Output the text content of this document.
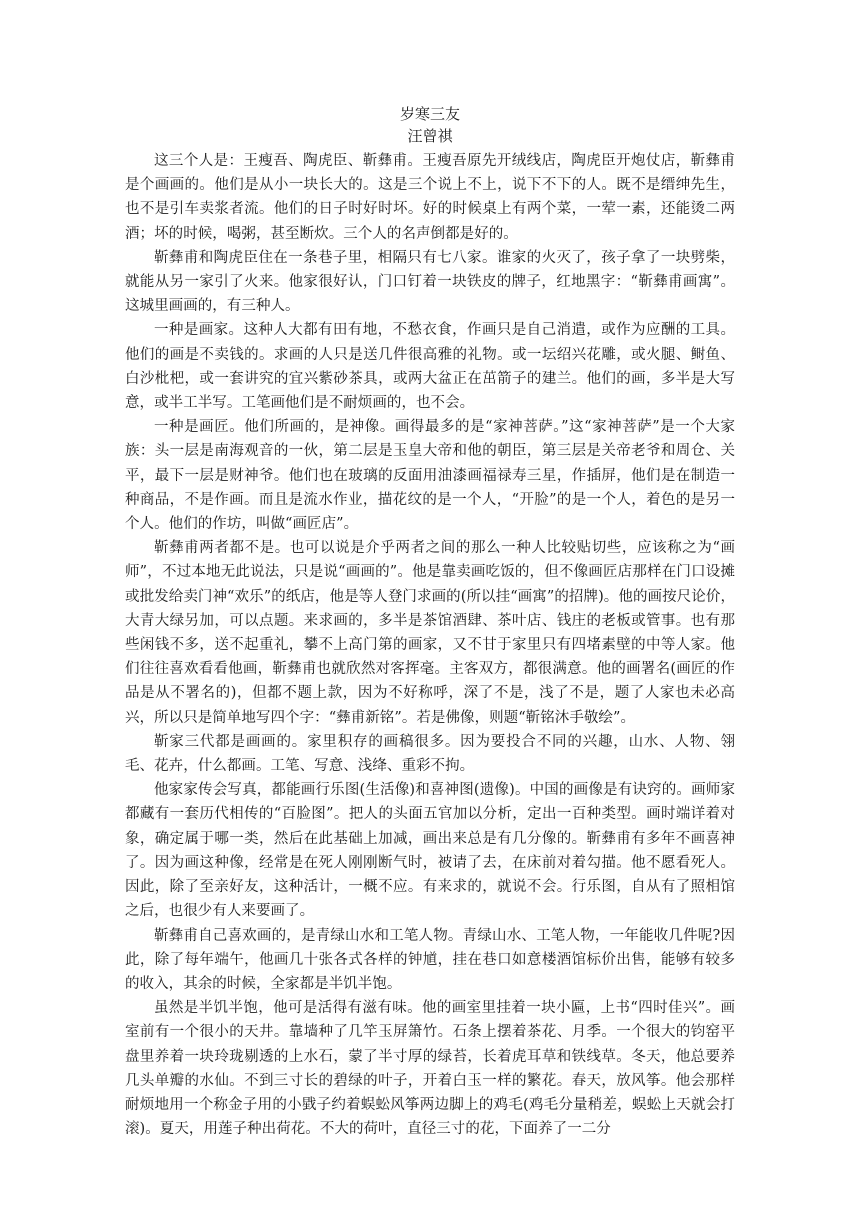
岁寒三友

汪曾祺

这三个人是：王瘦吾、陶虎臣、靳彝甫。王瘦吾原先开绒线店，陶虎臣开炮仗店，靳彝甫是个画画的。他们是从小一块长大的。这是三个说上不上，说下不下的人。既不是缙绅先生，也不是引车卖浆者流。他们的日子时好时坏。好的时候桌上有两个菜，一荤一素，还能烫二两酒；坏的时候，喝粥，甚至断炊。三个人的名声倒都是好的。

靳彝甫和陶虎臣住在一条巷子里，相隔只有七八家。谁家的火灭了，孩子拿了一块劈柴，就能从另一家引了火来。他家很好认，门口钉着一块铁皮的牌子，红地黑字：“靳彝甫画寓”。这城里画画的，有三种人。

一种是画家。这种人大都有田有地，不愁衣食，作画只是自己消遣，或作为应酬的工具。他们的画是不卖钱的。求画的人只是送几件很高雅的礼物。或一坛绍兴花雕，或火腿、鲥鱼、白沙枇杷，或一套讲究的宜兴紫砂茶具，或两大盆正在茁箭子的建兰。他们的画，多半是大写意，或半工半写。工笔画他们是不耐烦画的，也不会。

一种是画匠。他们所画的，是神像。画得最多的是“家神菩萨。”这“家神菩萨”是一个大家族：头一层是南海观音的一伙，第二层是玉皇大帝和他的朝臣，第三层是关帝老爷和周仓、关平，最下一层是财神爷。他们也在玻璃的反面用油漆画福禄寿三星，作插屏，他们是在制造一种商品，不是作画。而且是流水作业，描花纹的是一个人，“开脸”的是一个人，着色的是另一个人。他们的作坊，叫做“画匠店”。

靳彝甫两者都不是。也可以说是介乎两者之间的那么一种人比较贴切些，应该称之为“画师”，不过本地无此说法，只是说“画画的”。他是靠卖画吃饭的，但不像画匠店那样在门口设摊或批发给卖门神“欢乐”的纸店，他是等人登门求画的(所以挂“画寓”的招牌)。他的画按尺论价，大青大绿另加，可以点题。来求画的，多半是茶馆酒肆、茶叶店、钱庄的老板或管事。也有那些闲钱不多，送不起重礼，攀不上高门第的画家，又不甘于家里只有四堵素壁的中等人家。他们往往喜欢看看他画，靳彝甫也就欣然对客挥毫。主客双方，都很满意。他的画署名(画匠的作品是从不署名的)，但都不题上款，因为不好称呼，深了不是，浅了不是，题了人家也未必高兴，所以只是简单地写四个字：“彝甫新铭”。若是佛像，则题“靳铭沐手敬绘”。

靳家三代都是画画的。家里积存的画稿很多。因为要投合不同的兴趣，山水、人物、翎毛、花卉，什么都画。工笔、写意、浅绛、重彩不拘。

他家家传会写真，都能画行乐图(生活像)和喜神图(遗像)。中国的画像是有诀窍的。画师家都藏有一套历代相传的“百脸图”。把人的头面五官加以分析，定出一百种类型。画时端详着对象，确定属于哪一类，然后在此基础上加减，画出来总是有几分像的。靳彝甫有多年不画喜神了。因为画这种像，经常是在死人刚刚断气时，被请了去，在床前对着勾描。他不愿看死人。因此，除了至亲好友，这种活计，一概不应。有来求的，就说不会。行乐图，自从有了照相馆之后，也很少有人来要画了。

靳彝甫自己喜欢画的，是青绿山水和工笔人物。青绿山水、工笔人物，一年能收几件呢?因此，除了每年端午，他画几十张各式各样的钟馗，挂在巷口如意楼酒馆标价出售，能够有较多的收入，其余的时候，全家都是半饥半饱。

虽然是半饥半饱，他可是活得有滋有味。他的画室里挂着一块小匾，上书“四时佳兴”。画室前有一个很小的天井。靠墙种了几竿玉屏箫竹。石条上摆着茶花、月季。一个很大的钧窑平盘里养着一块玲珑剔透的上水石，蒙了半寸厚的绿苔，长着虎耳草和铁线草。冬天，他总要养几头单瓣的水仙。不到三寸长的碧绿的叶子，开着白玉一样的繁花。春天，放风筝。他会那样耐烦地用一个称金子用的小戥子约着蜈蚣风筝两边脚上的鸡毛(鸡毛分量稍差，蜈蚣上天就会打滚)。夏天，用莲子种出荷花。不大的荷叶，直径三寸的花，下面养了一二分
